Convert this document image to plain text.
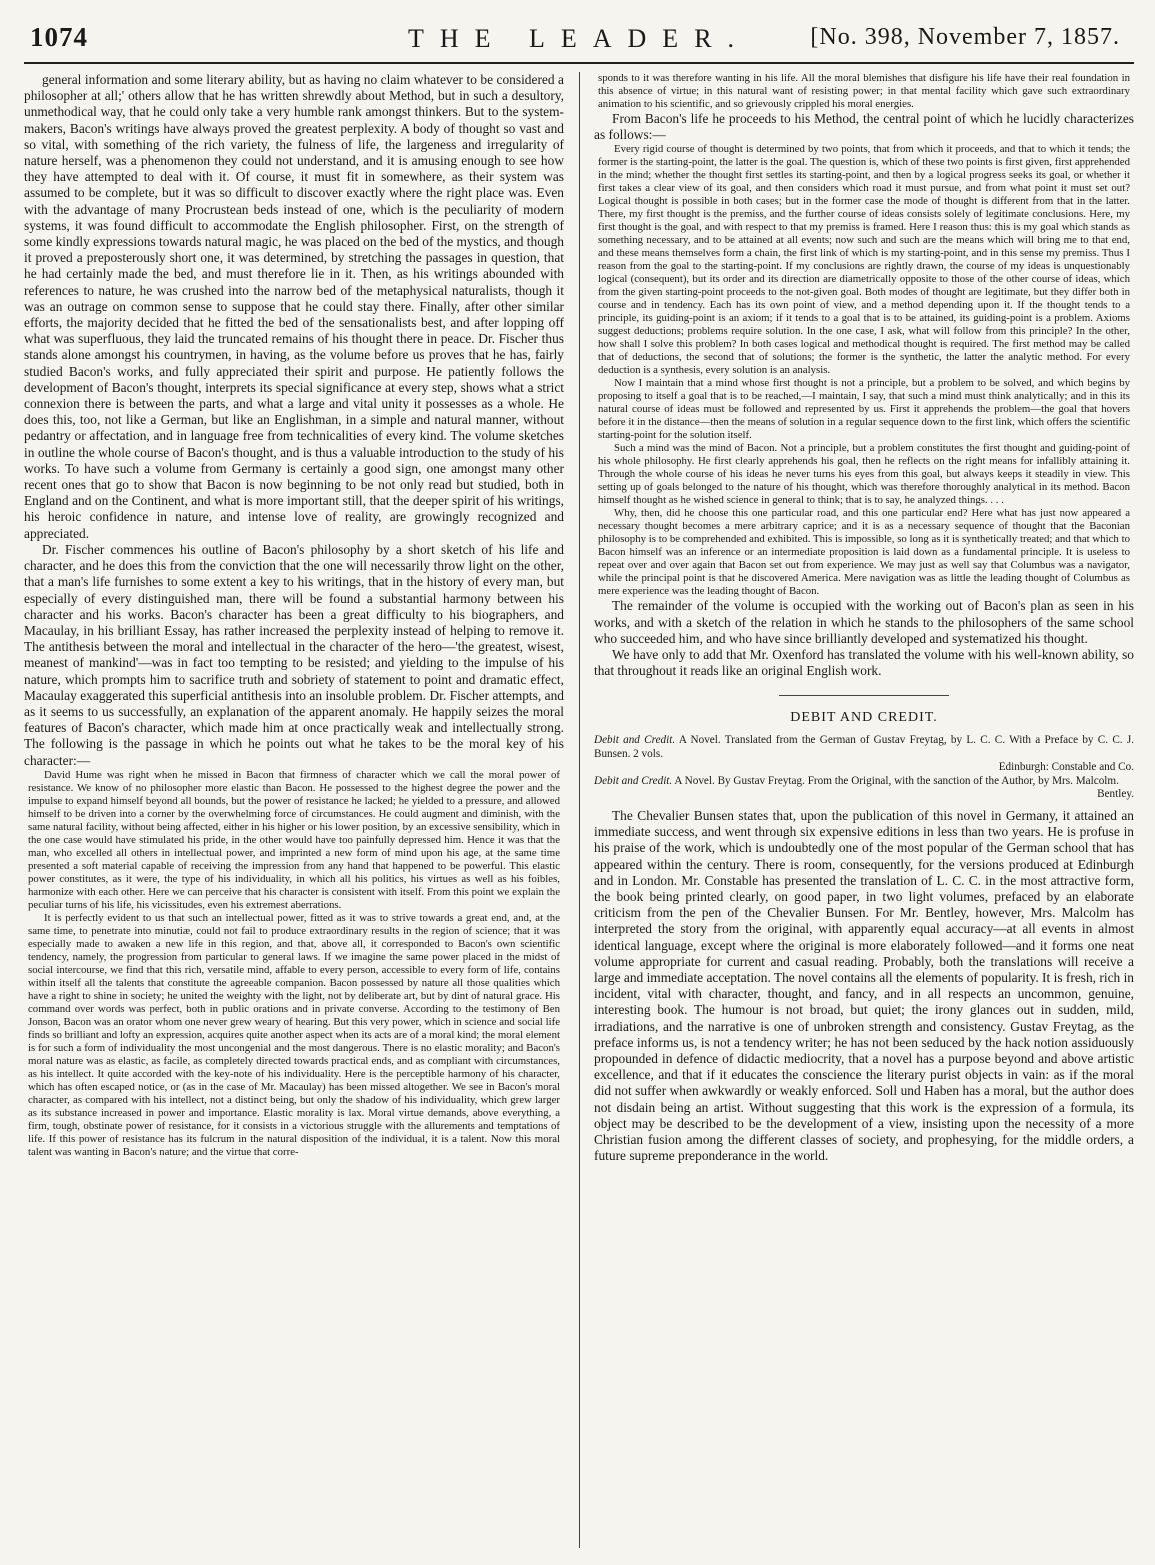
1074	THE LEADER.	[No. 398, November 7, 1857.

general information and some literary ability, but as having no claim whatever to be considered a philosopher at all;' others allow that he has written shrewdly about Method, but in such a desultory, unmethodical way, that he could only take a very humble rank amongst thinkers. But to the system-makers, Bacon's writings have always proved the greatest perplexity. A body of thought so vast and so vital, with something of the rich variety, the fulness of life, the largeness and irregularity of nature herself, was a phenomenon they could not understand, and it is amusing enough to see how they have attempted to deal with it. Of course, it must fit in somewhere, as their system was assumed to be complete, but it was so difficult to discover exactly where the right place was. Even with the advantage of many Procrustean beds instead of one, which is the peculiarity of modern systems, it was found difficult to accommodate the English philosopher. First, on the strength of some kindly expressions towards natural magic, he was placed on the bed of the mystics, and though it proved a preposterously short one, it was determined, by stretching the passages in question, that he had certainly made the bed, and must therefore lie in it. Then, as his writings abounded with references to nature, he was crushed into the narrow bed of the metaphysical naturalists, though it was an outrage on common sense to suppose that he could stay there. Finally, after other similar efforts, the majority decided that he fitted the bed of the sensationalists best, and after lopping off what was superfluous, they laid the truncated remains of his thought there in peace. Dr. Fischer thus stands alone amongst his countrymen, in having, as the volume before us proves that he has, fairly studied Bacon's works, and fully appreciated their spirit and purpose. He patiently follows the development of Bacon's thought, interprets its special significance at every step, shows what a strict connexion there is between the parts, and what a large and vital unity it possesses as a whole. He does this, too, not like a German, but like an Englishman, in a simple and natural manner, without pedantry or affectation, and in language free from technicalities of every kind. The volume sketches in outline the whole course of Bacon's thought, and is thus a valuable introduction to the study of his works. To have such a volume from Germany is certainly a good sign, one amongst many other recent ones that go to show that Bacon is now beginning to be not only read but studied, both in England and on the Continent, and what is more important still, that the deeper spirit of his writings, his heroic confidence in nature, and intense love of reality, are growingly recognized and appreciated.

Dr. Fischer commences his outline of Bacon's philosophy by a short sketch of his life and character, and he does this from the conviction that the one will necessarily throw light on the other, that a man's life furnishes to some extent a key to his writings, that in the history of every man, but especially of every distinguished man, there will be found a substantial harmony between his character and his works. Bacon's character has been a great difficulty to his biographers, and Macaulay, in his brilliant Essay, has rather increased the perplexity instead of helping to remove it. The antithesis between the moral and intellectual in the character of the hero—'the greatest, wisest, meanest of mankind'—was in fact too tempting to be resisted; and yielding to the impulse of his nature, which prompts him to sacrifice truth and sobriety of statement to point and dramatic effect, Macaulay exaggerated this superficial antithesis into an insoluble problem. Dr. Fischer attempts, and as it seems to us successfully, an explanation of the apparent anomaly. He happily seizes the moral features of Bacon's character, which made him at once practically weak and intellectually strong. The following is the passage in which he points out what he takes to be the moral key of his character:—

David Hume was right when he missed in Bacon that firmness of character which we call the moral power of resistance. We know of no philosopher more elastic than Bacon. He possessed to the highest degree the power and the impulse to expand himself beyond all bounds, but the power of resistance he lacked; he yielded to a pressure, and allowed himself to be driven into a corner by the overwhelming force of circumstances. He could augment and diminish, with the same natural facility, without being affected, either in his higher or his lower position, by an excessive sensibility, which in the one case would have stimulated his pride, in the other would have too painfully depressed him. Hence it was that the man, who excelled all others in intellectual power, and imprinted a new form of mind upon his age, at the same time presented a soft material capable of receiving the impression from any hand that happened to be powerful. This elastic power constitutes, as it were, the type of his individuality, in which all his politics, his virtues as well as his foibles, harmonize with each other. Here we can perceive that his character is consistent with itself. From this point we explain the peculiar turns of his life, his vicissitudes, even his extremest aberrations.

It is perfectly evident to us that such an intellectual power, fitted as it was to strive towards a great end, and, at the same time, to penetrate into minutiæ, could not fail to produce extraordinary results in the region of science; that it was especially made to awaken a new life in this region, and that, above all, it corresponded to Bacon's own scientific tendency, namely, the progression from particular to general laws. If we imagine the same power placed in the midst of social intercourse, we find that this rich, versatile mind, affable to every person, accessible to every form of life, contains within itself all the talents that constitute the agreeable companion. Bacon possessed by nature all those qualities which have a right to shine in society; he united the weighty with the light, not by deliberate art, but by dint of natural grace. His command over words was perfect, both in public orations and in private converse. According to the testimony of Ben Jonson, Bacon was an orator whom one never grew weary of hearing. But this very power, which in science and social life finds so brilliant and lofty an expression, acquires quite another aspect when its acts are of a moral kind; the moral element is for such a form of individuality the most uncongenial and the most dangerous. There is no elastic morality; and Bacon's moral nature was as elastic, as facile, as completely directed towards practical ends, and as compliant with circumstances, as his intellect. It quite accorded with the key-note of his individuality. Here is the perceptible harmony of his character, which has often escaped notice, or (as in the case of Mr. Macaulay) has been missed altogether. We see in Bacon's moral character, as compared with his intellect, not a distinct being, but only the shadow of his individuality, which grew larger as its substance increased in power and importance. Elastic morality is lax. Moral virtue demands, above everything, a firm, tough, obstinate power of resistance, for it consists in a victorious struggle with the allurements and temptations of life. If this power of resistance has its fulcrum in the natural disposition of the individual, it is a talent. Now this moral talent was wanting in Bacon's nature; and the virtue that corre-

sponds to it was therefore wanting in his life. All the moral blemishes that disfigure his life have their real foundation in this absence of virtue; in this natural want of resisting power; in that mental facility which gave such extraordinary animation to his scientific, and so grievously crippled his moral energies.

From Bacon's life he proceeds to his Method, the central point of which he lucidly characterizes as follows:—

Every rigid course of thought is determined by two points, that from which it proceeds, and that to which it tends; the former is the starting-point, the latter is the goal. The question is, which of these two points is first given, first apprehended in the mind; whether the thought first settles its starting-point, and then by a logical progress seeks its goal, or whether it first takes a clear view of its goal, and then considers which road it must pursue, and from what point it must set out? Logical thought is possible in both cases; but in the former case the mode of thought is different from that in the latter. There, my first thought is the premiss, and the further course of ideas consists solely of legitimate conclusions. Here, my first thought is the goal, and with respect to that my premiss is framed. Here I reason thus: this is my goal which stands as something necessary, and to be attained at all events; now such and such are the means which will bring me to that end, and these means themselves form a chain, the first link of which is my starting-point, and in this sense my premiss. Thus I reason from the goal to the starting-point. If my conclusions are rightly drawn, the course of my ideas is unquestionably logical (consequent), but its order and its direction are diametrically opposite to those of the other course of ideas, which from the given starting-point proceeds to the not-given goal. Both modes of thought are legitimate, but they differ both in course and in tendency. Each has its own point of view, and a method depending upon it. If the thought tends to a principle, its guiding-point is an axiom; if it tends to a goal that is to be attained, its guiding-point is a problem. Axioms suggest deductions; problems require solution. In the one case, I ask, what will follow from this principle? In the other, how shall I solve this problem? In both cases logical and methodical thought is required. The first method may be called that of deductions, the second that of solutions; the former is the synthetic, the latter the analytic method. For every deduction is a synthesis, every solution is an analysis.

Now I maintain that a mind whose first thought is not a principle, but a problem to be solved, and which begins by proposing to itself a goal that is to be reached,—I maintain, I say, that such a mind must think analytically; and in this its natural course of ideas must be followed and represented by us. First it apprehends the problem—the goal that hovers before it in the distance—then the means of solution in a regular sequence down to the first link, which offers the scientific starting-point for the solution itself.

Such a mind was the mind of Bacon. Not a principle, but a problem constitutes the first thought and guiding-point of his whole philosophy. He first clearly apprehends his goal, then he reflects on the right means for infallibly attaining it. Through the whole course of his ideas he never turns his eyes from this goal, but always keeps it steadily in view. This setting up of goals belonged to the nature of his thought, which was therefore thoroughly analytical in its method. Bacon himself thought as he wished science in general to think; that is to say, he analyzed things. . . .

Why, then, did he choose this one particular road, and this one particular end? Here what has just now appeared a necessary thought becomes a mere arbitrary caprice; and it is as a necessary sequence of thought that the Baconian philosophy is to be comprehended and exhibited. This is impossible, so long as it is synthetically treated; and that which to Bacon himself was an inference or an intermediate proposition is laid down as a fundamental principle. It is useless to repeat over and over again that Bacon set out from experience. We may just as well say that Columbus was a navigator, while the principal point is that he discovered America. Mere navigation was as little the leading thought of Columbus as mere experience was the leading thought of Bacon.

The remainder of the volume is occupied with the working out of Bacon's plan as seen in his works, and with a sketch of the relation in which he stands to the philosophers of the same school who succeeded him, and who have since brilliantly developed and systematized his thought.

We have only to add that Mr. Oxenford has translated the volume with his well-known ability, so that throughout it reads like an original English work.

DEBIT AND CREDIT.

Debit and Credit. A Novel. Translated from the German of Gustav Freytag, by L. C. C. With a Preface by C. C. J. Bunsen. 2 vols.
Edinburgh: Constable and Co.

Debit and Credit. A Novel. By Gustav Freytag. From the Original, with the sanction of the Author, by Mrs. Malcolm.
Bentley.

The Chevalier Bunsen states that, upon the publication of this novel in Germany, it attained an immediate success, and went through six expensive editions in less than two years. He is profuse in his praise of the work, which is undoubtedly one of the most popular of the German school that has appeared within the century. There is room, consequently, for the versions produced at Edinburgh and in London. Mr. Constable has presented the translation of L. C. C. in the most attractive form, the book being printed clearly, on good paper, in two light volumes, prefaced by an elaborate criticism from the pen of the Chevalier Bunsen. For Mr. Bentley, however, Mrs. Malcolm has interpreted the story from the original, with apparently equal accuracy—at all events in almost identical language, except where the original is more elaborately followed—and it forms one neat volume appropriate for current and casual reading. Probably, both the translations will receive a large and immediate acceptation. The novel contains all the elements of popularity. It is fresh, rich in incident, vital with character, thought, and fancy, and in all respects an uncommon, genuine, interesting book. The humour is not broad, but quiet; the irony glances out in sudden, mild, irradiations, and the narrative is one of unbroken strength and consistency. Gustav Freytag, as the preface informs us, is not a tendency writer; he has not been seduced by the hack notion assiduously propounded in defence of didactic mediocrity, that a novel has a purpose beyond and above artistic excellence, and that if it educates the conscience the literary purist objects in vain: as if the moral did not suffer when awkwardly or weakly enforced. Soll und Haben has a moral, but the author does not disdain being an artist. Without suggesting that this work is the expression of a formula, its object may be described to be the development of a view, insisting upon the necessity of a more Christian fusion among the different classes of society, and prophesying, for the middle orders, a future supreme preponderance in the world.
